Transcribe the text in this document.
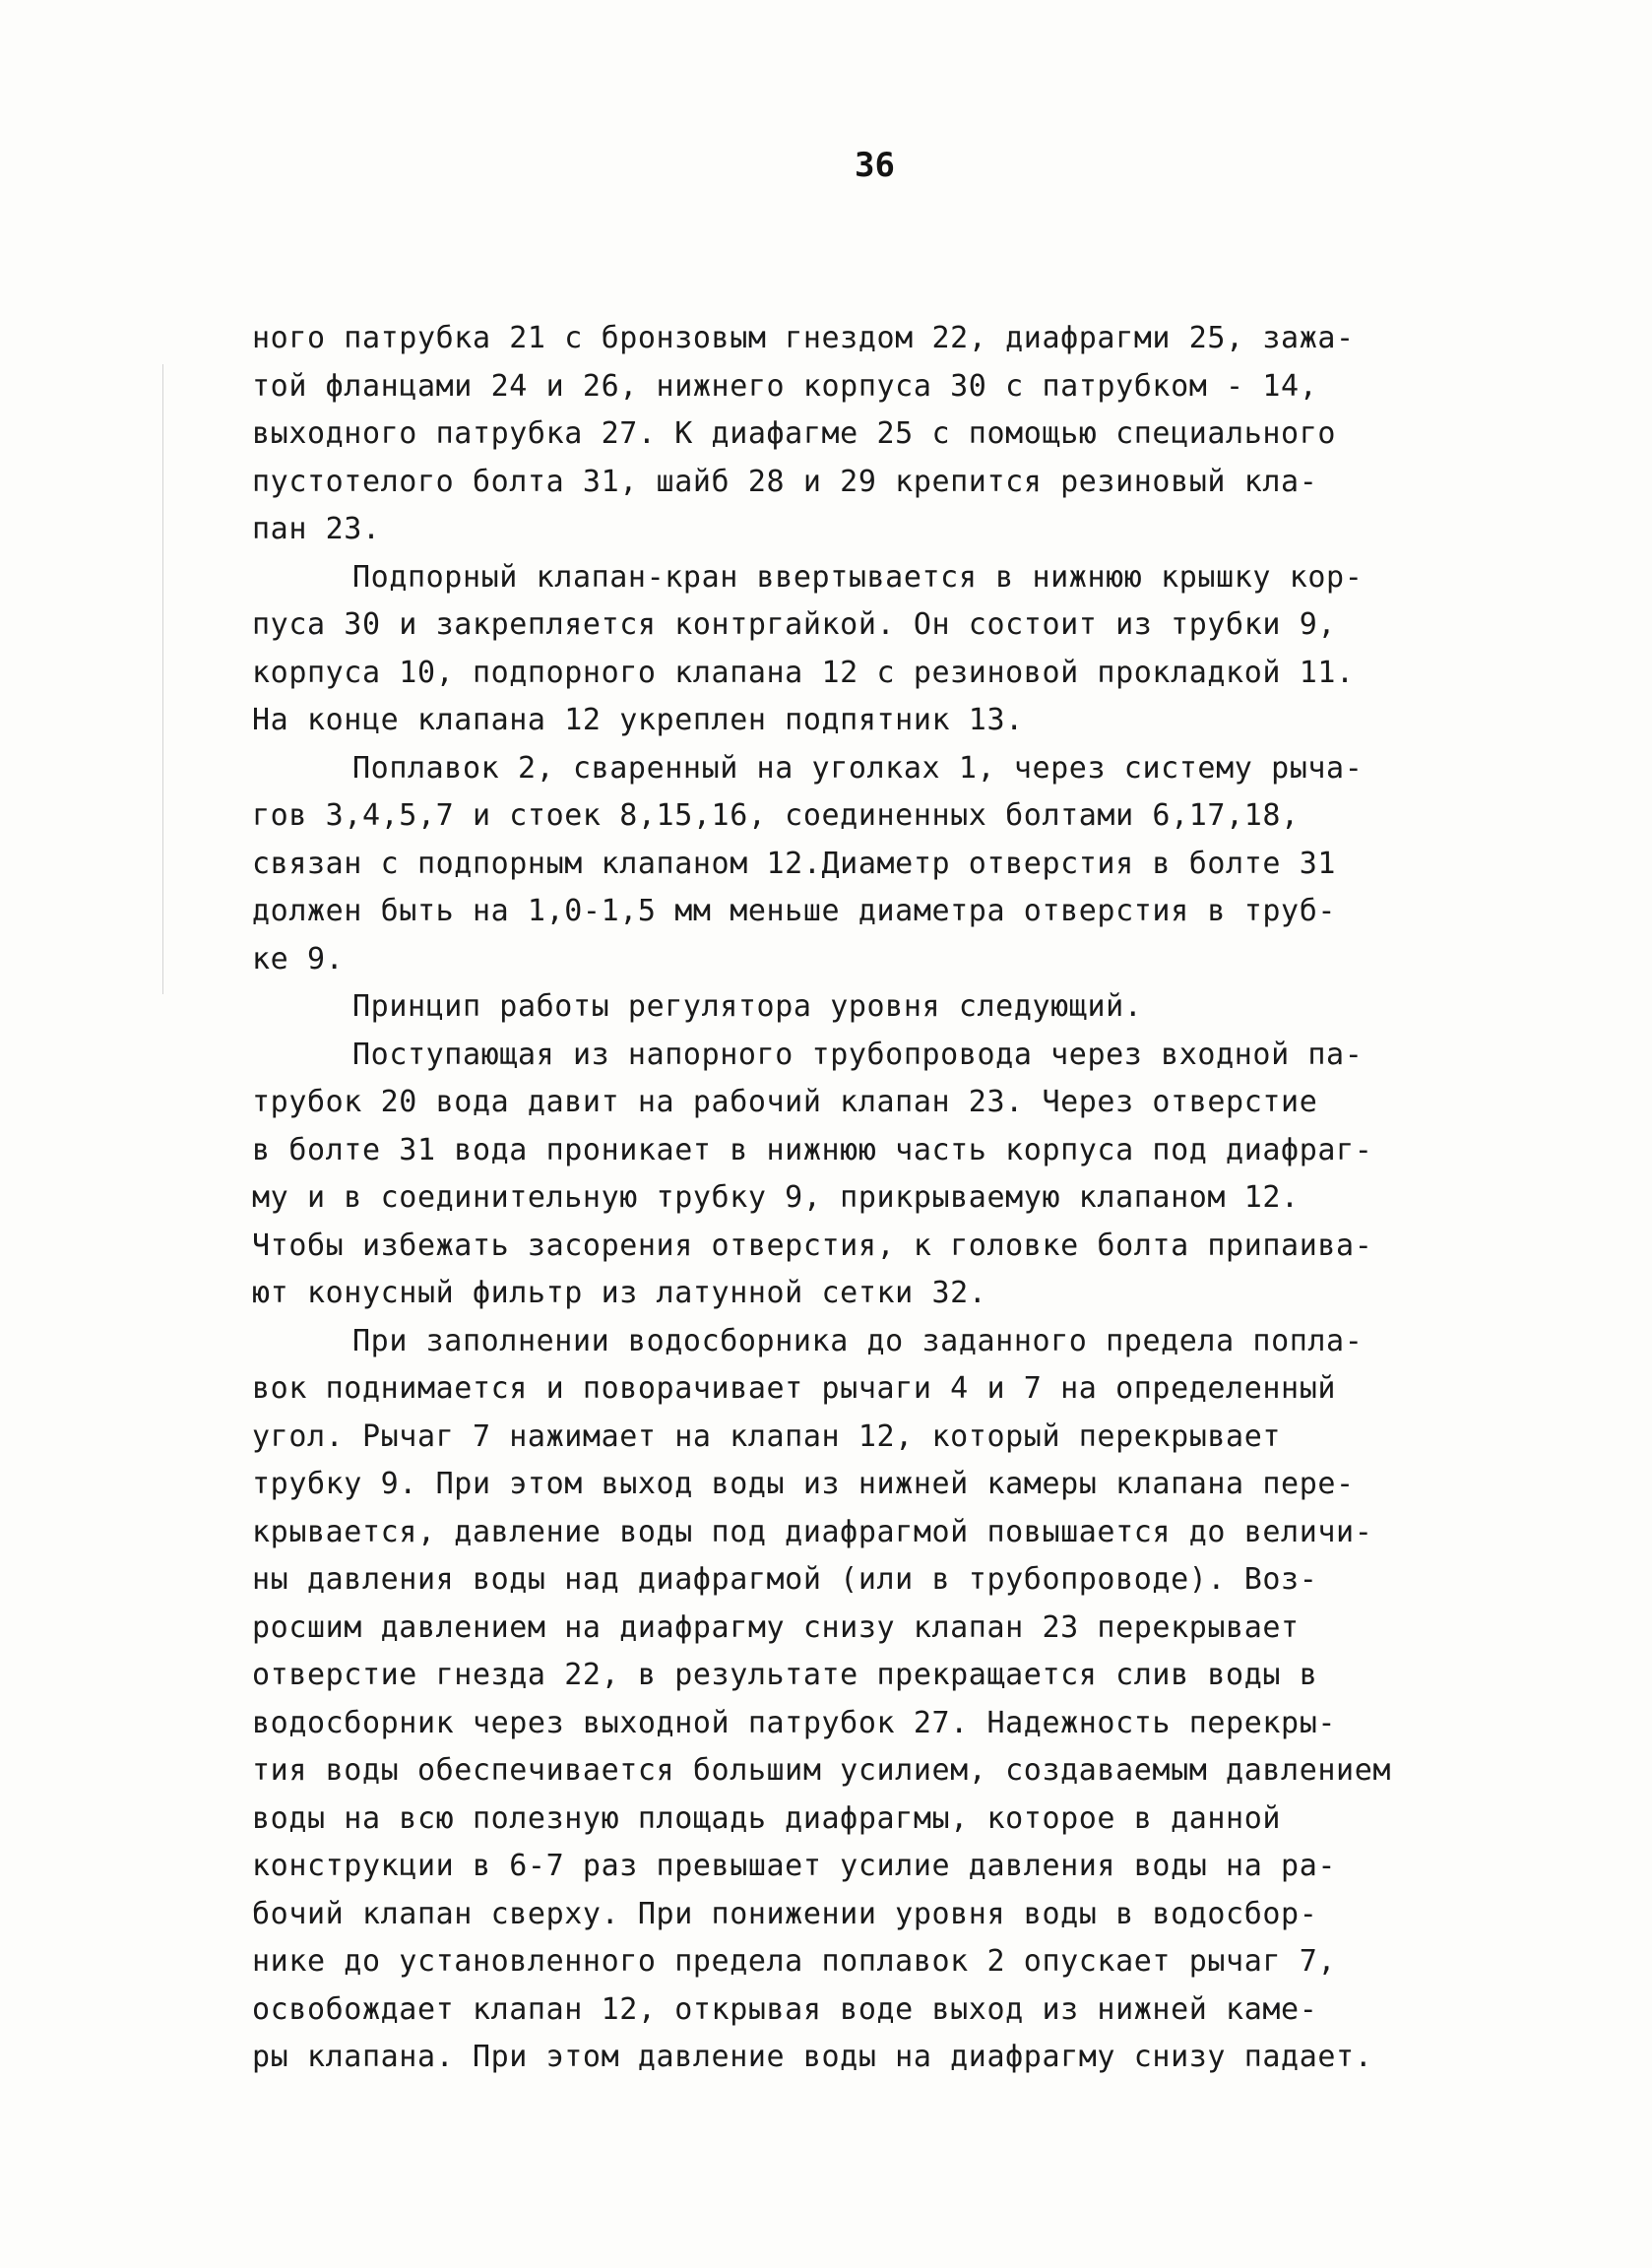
36
ного патрубка 21 с бронзовым гнездом 22, диафрагми 25, зажа-
той фланцами 24 и 26, нижнего корпуса 30 с патрубком - 14,
выходного патрубка 27. К диафагме 25 с помощью специального
пустотелого болта 31, шайб 28 и 29 крепится резиновый кла-
пан 23.
Подпорный клапан-кран ввертывается в нижнюю крышку кор-
пуса 30 и закрепляется контргайкой. Он состоит из трубки 9,
корпуса 10, подпорного клапана 12 с резиновой прокладкой 11.
На конце клапана 12 укреплен подпятник 13.
Поплавок 2, сваренный на уголках 1, через систему рыча-
гов 3,4,5,7 и стоек 8,15,16, соединенных болтами 6,17,18,
связан с подпорным клапаном 12.Диаметр отверстия в болте 31
должен быть на 1,0-1,5 мм меньше диаметра отверстия в труб-
ке 9.
Принцип работы регулятора уровня следующий.
Поступающая из напорного трубопровода через входной па-
трубок 20 вода давит на рабочий клапан 23. Через отверстие
в болте 31 вода проникает в нижнюю часть корпуса под диафраг-
му и в соединительную трубку 9, прикрываемую клапаном 12.
Чтобы избежать засорения отверстия, к головке болта припаива-
ют конусный фильтр из латунной сетки 32.
При заполнении водосборника до заданного предела попла-
вок поднимается и поворачивает рычаги 4 и 7 на определенный
угол. Рычаг 7 нажимает на клапан 12, который перекрывает
трубку 9. При этом выход воды из нижней камеры клапана пере-
крывается, давление воды под диафрагмой повышается до величи-
ны давления воды над диафрагмой (или в трубопроводе). Воз-
росшим давлением на диафрагму снизу клапан 23 перекрывает
отверстие гнезда 22, в результате прекращается слив воды в
водосборник через выходной патрубок 27. Надежность перекры-
тия воды обеспечивается большим усилием, создаваемым давлением
воды на всю полезную площадь диафрагмы, которое в данной
конструкции в 6-7 раз превышает усилие давления воды на ра-
бочий клапан сверху. При понижении уровня воды в водосбор-
нике до установленного предела поплавок 2 опускает рычаг 7,
освобождает клапан 12, открывая воде выход из нижней каме-
ры клапана. При этом давление воды на диафрагму снизу падает.
